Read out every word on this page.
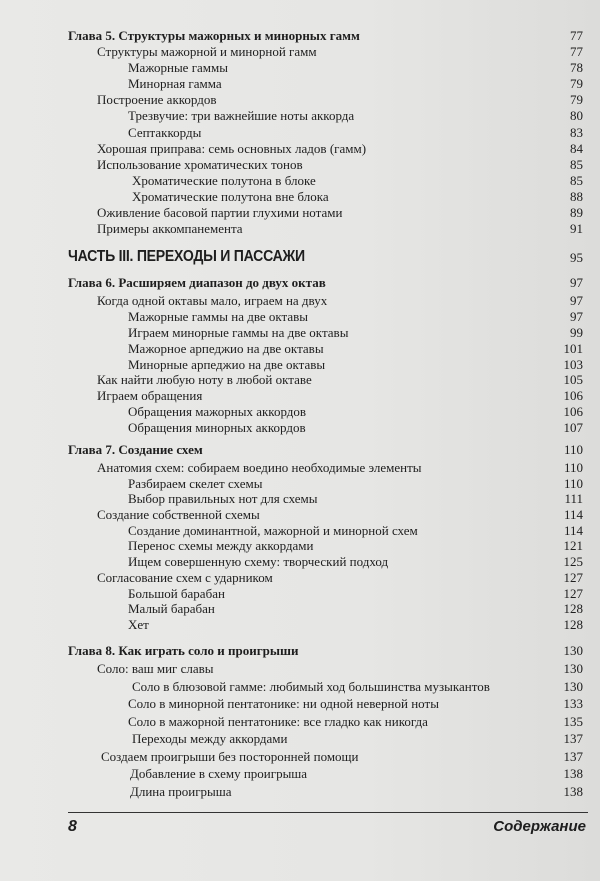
Глава 5. Структуры мажорных и минорных гамм	77
Структуры мажорной и минорной гамм	77
Мажорные гаммы	78
Минорная гамма	79
Построение аккордов	79
Трезвучие: три важнейшие ноты аккорда	80
Септаккорды	83
Хорошая приправа: семь основных ладов (гамм)	84
Использование хроматических тонов	85
Хроматические полутона в блоке	85
Хроматические полутона вне блока	88
Оживление басовой партии глухими нотами	89
Примеры аккомпанемента	91
ЧАСТЬ III. ПЕРЕХОДЫ И ПАССАЖИ	95
Глава 6. Расширяем диапазон до двух октав	97
Когда одной октавы мало, играем на двух	97
Мажорные гаммы на две октавы	97
Играем минорные гаммы на две октавы	99
Мажорное арпеджио на две октавы	101
Минорные арпеджио на две октавы	103
Как найти любую ноту в любой октаве	105
Играем обращения	106
Обращения мажорных аккордов	106
Обращения минорных аккордов	107
Глава 7. Создание схем	110
Анатомия схем: собираем воедино необходимые элементы	110
Разбираем скелет схемы	110
Выбор правильных нот для схемы	111
Создание собственной схемы	114
Создание доминантной, мажорной и минорной схем	114
Перенос схемы между аккордами	121
Ищем совершенную схему: творческий подход	125
Согласование схем с ударником	127
Большой барабан	127
Малый барабан	128
Хет	128
Глава 8. Как играть соло и проигрыши	130
Соло: ваш миг славы	130
Соло в блюзовой гамме: любимый ход большинства музыкантов	130
Соло в минорной пентатонике: ни одной неверной ноты	133
Соло в мажорной пентатонике: все гладко как никогда	135
Переходы между аккордами	137
Создаем проигрыши без посторонней помощи	137
Добавление в схему проигрыша	138
Длина проигрыша	138
8	Содержание
